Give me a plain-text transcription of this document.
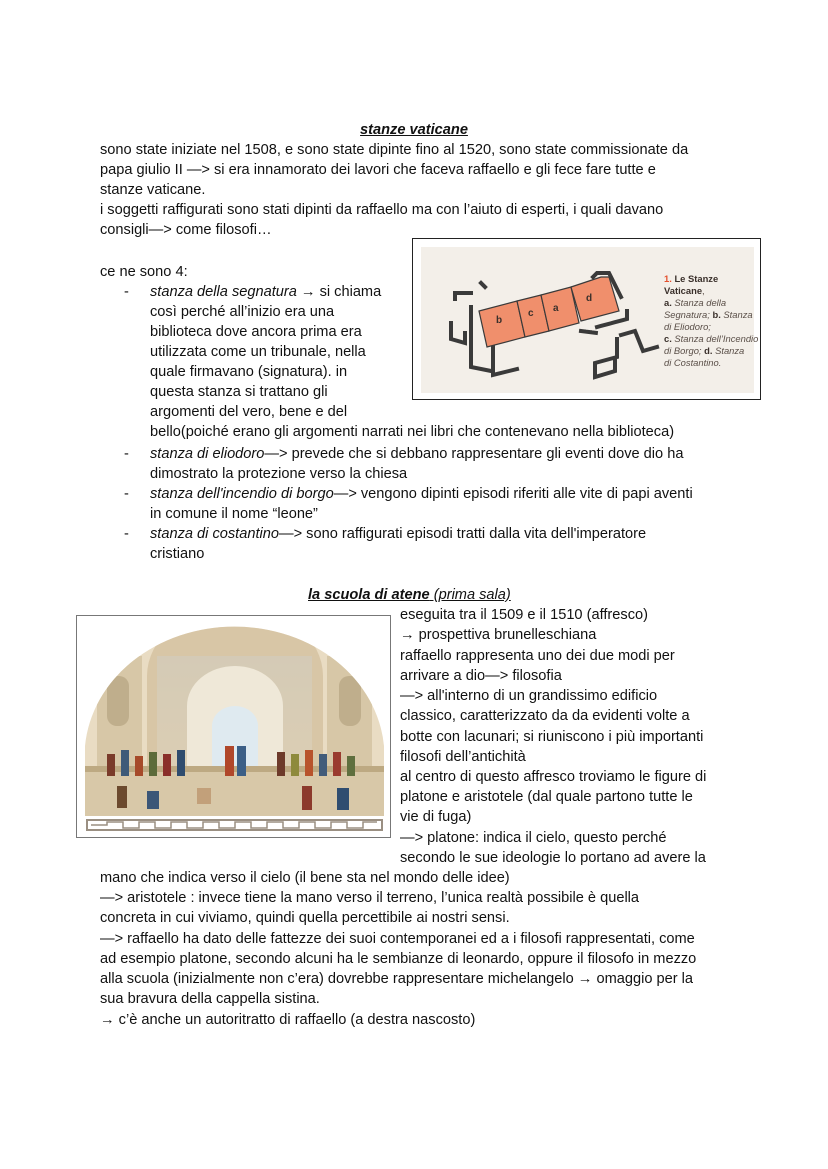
stanze vaticane
sono state iniziate nel 1508, e sono state dipinte fino al 1520, sono state commissionate da
papa giulio II —> si era innamorato dei lavori che faceva raffaello e gli fece fare tutte e
stanze vaticane.
i soggetti raffigurati sono stati dipinti da raffaello ma con l’aiuto di esperti, i quali davano
consigli—> come filosofi…
ce ne sono 4:
- stanza della segnatura → si chiama
così perché all’inizio era una
biblioteca dove ancora prima era
utilizzata come un tribunale, nella
quale firmavano (signatura). in
questa stanza si trattano gli
argomenti del vero, bene e del
bello(poiché erano gli argomenti narrati nei libri che contenevano nella biblioteca)
- stanza di eliodoro—> prevede che si debbano rappresentare gli eventi dove dio ha
dimostrato la protezione verso la chiesa
- stanza dell'incendio di borgo—> vengono dipinti episodi riferiti alle vite di papi aventi
in comune il nome “leone”
- stanza di costantino—> sono raffigurati episodi tratti dalla vita dell'imperatore
cristiano
b
c a
d
1. Le Stanze
Vaticane,
a. Stanza della
Segnatura; b. Stanza
di Eliodoro;
c. Stanza dell’Incendio
di Borgo; d. Stanza
di Costantino.
la scuola di atene (prima sala)
eseguita tra il 1509 e il 1510 (affresco)
→ prospettiva brunelleschiana
raffaello rappresenta uno dei due modi per
arrivare a dio—> filosofia
—> all'interno di un grandissimo edificio
classico, caratterizzato da da evidenti volte a
botte con lacunari; si riuniscono i più importanti
filosofi dell’antichità
al centro di questo affresco troviamo le figure di
platone e aristotele (dal quale partono tutte le
vie di fuga)
—> platone: indica il cielo, questo perché
secondo le sue ideologie lo portano ad avere la
mano che indica verso il cielo (il bene sta nel mondo delle idee)
—> aristotele : invece tiene la mano verso il terreno, l’unica realtà possibile è quella
concreta in cui viviamo, quindi quella percettibile ai nostri sensi.
—> raffaello ha dato delle fattezze dei suoi contemporanei ed a i filosofi rappresentati, come
ad esempio platone, secondo alcuni ha le sembianze di leonardo, oppure il filosofo in mezzo
alla scuola (inizialmente non c’era) dovrebbe rappresentare michelangelo → omaggio per la
sua bravura della cappella sistina.
→ c’è anche un autoritratto di raffaello (a destra nascosto)
